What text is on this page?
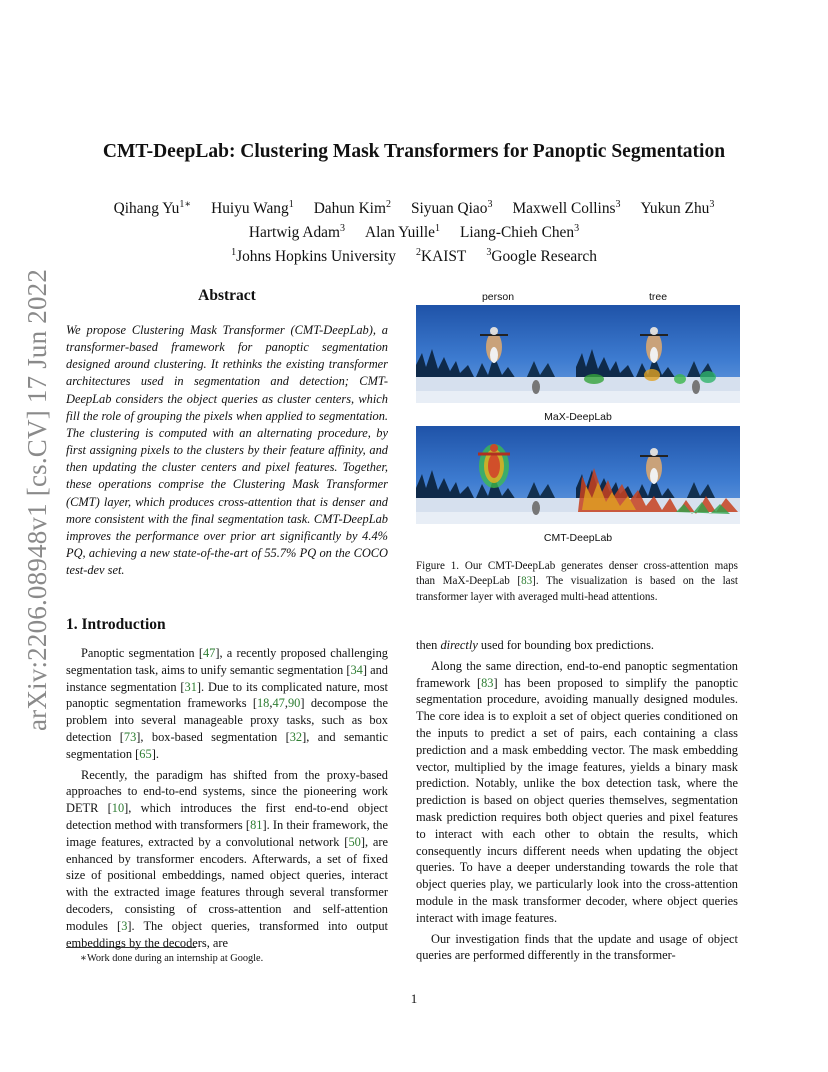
arXiv:2206.08948v1 [cs.CV] 17 Jun 2022
CMT-DeepLab: Clustering Mask Transformers for Panoptic Segmentation
Qihang $Yu^{1∗}$ Huiyu Wang$^1$ Dahun Kim$^2$ Siyuan Qiao$^3$ Maxwell Collins$^3$ Yukun Zhu$^3$
Hartwig Adam$^3$ Alan Yuille$^1$ Liang-Chieh Chen$^3$
$^1$Johns Hopkins University $^2$KAIST $^3$Google Research
Abstract
We propose Clustering Mask Transformer (CMT-DeepLab), a transformer-based framework for panoptic segmentation designed around clustering. It rethinks the existing transformer architectures used in segmentation and detection; CMT-DeepLab considers the object queries as cluster centers, which fill the role of grouping the pixels when applied to segmentation. The clustering is computed with an alternating procedure, by first assigning pixels to the clusters by their feature affinity, and then updating the cluster centers and pixel features. Together, these operations comprise the Clustering Mask Transformer (CMT) layer, which produces cross-attention that is denser and more consistent with the final segmentation task. CMT-DeepLab improves the performance over prior art significantly by 4.4% PQ, achieving a new state-of-the-art of 55.7% PQ on the COCO test-dev set.
person	tree
MaX-DeepLab
CMT-DeepLab
Figure 1. Our CMT-DeepLab generates denser cross-attention maps than MaX-DeepLab [83]. The visualization is based on the last transformer layer with averaged multi-head attentions.
1. Introduction

Panoptic segmentation [47], a recently proposed challenging segmentation task, aims to unify semantic segmentation [34] and instance segmentation [31]. Due to its complicated nature, most panoptic segmentation frameworks [18,47,90] decompose the problem into several manageable proxy tasks, such as box detection [73], box-based segmentation [32], and semantic segmentation [65].

Recently, the paradigm has shifted from the proxy-based approaches to end-to-end systems, since the pioneering work DETR [10], which introduces the first end-to-end object detection method with transformers [81]. In their framework, the image features, extracted by a convolutional network [50], are enhanced by transformer encoders. Afterwards, a set of fixed size of positional embeddings, named object queries, interact with the extracted image features through several transformer decoders, consisting of cross-attention and self-attention modules [3]. The object queries, transformed into output embeddings by the decoders, are

then directly used for bounding box predictions.

Along the same direction, end-to-end panoptic segmentation framework [83] has been proposed to simplify the panoptic segmentation procedure, avoiding manually designed modules. The core idea is to exploit a set of object queries conditioned on the inputs to predict a set of pairs, each containing a class prediction and a mask embedding vector. The mask embedding vector, multiplied by the image features, yields a binary mask prediction. Notably, unlike the box detection task, where the prediction is based on object queries themselves, segmentation mask prediction requires both object queries and pixel features to interact with each other to obtain the results, which consequently incurs different needs when updating the object queries. To have a deeper understanding towards the role that object queries play, we particularly look into the cross-attention module in the mask transformer decoder, where object queries interact with image features.

Our investigation finds that the update and usage of object queries are performed differently in the transformer-

∗Work done during an internship at Google.
1
